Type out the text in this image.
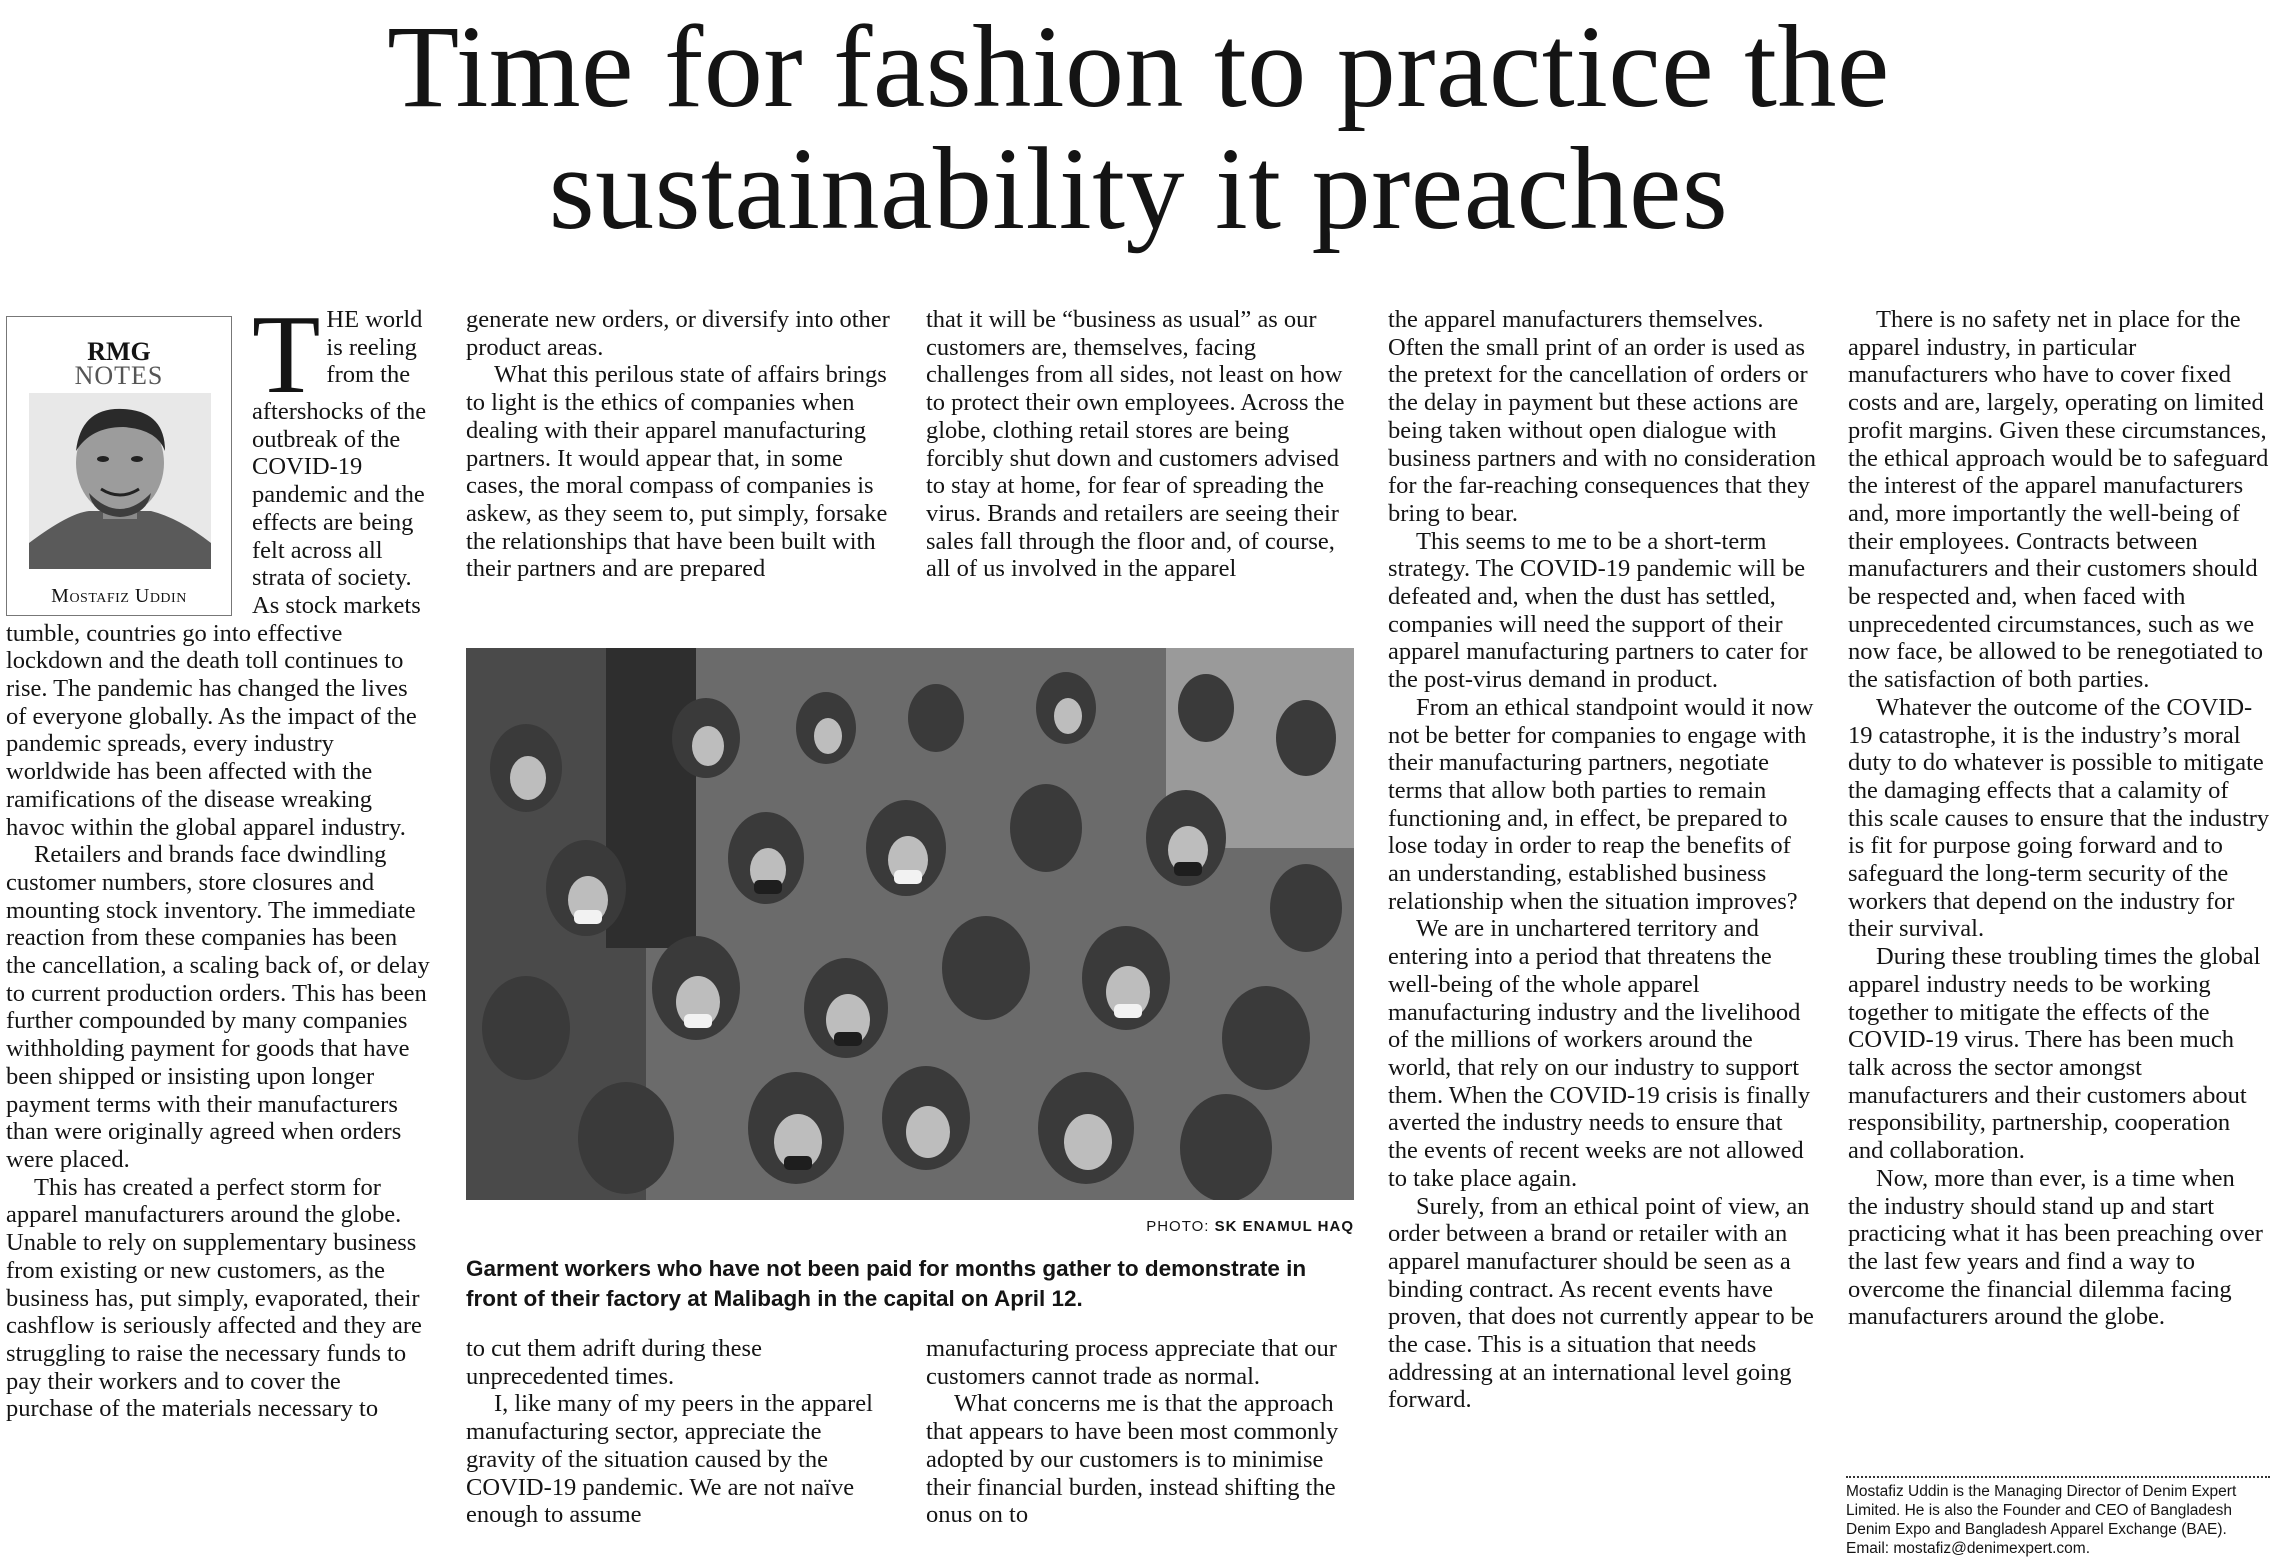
Time for fashion to practice the
sustainability it preaches
RMG
NOTES
Mostafiz Uddin

THE world is reeling from the aftershocks of the outbreak of the COVID-19 pandemic and the effects are being felt across all strata of society. As stock markets tumble, countries go into effective lockdown and the death toll continues to rise. The pandemic has changed the lives of everyone globally. As the impact of the pandemic spreads, every industry worldwide has been affected with the ramifications of the disease wreaking havoc within the global apparel industry.

Retailers and brands face dwindling customer numbers, store closures and mounting stock inventory. The immediate reaction from these companies has been the cancellation, a scaling back of, or delay to current production orders. This has been further compounded by many companies withholding payment for goods that have been shipped or insisting upon longer payment terms with their manufacturers than were originally agreed when orders were placed.

This has created a perfect storm for apparel manufacturers around the globe. Unable to rely on supplementary business from existing or new customers, as the business has, put simply, evaporated, their cashflow is seriously affected and they are struggling to raise the necessary funds to pay their workers and to cover the purchase of the materials necessary to

generate new orders, or diversify into other product areas.

What this perilous state of affairs brings to light is the ethics of companies when dealing with their apparel manufacturing partners. It would appear that, in some cases, the moral compass of companies is askew, as they seem to, put simply, forsake the relationships that have been built with their partners and are prepared

that it will be “business as usual” as our customers are, themselves, facing challenges from all sides, not least on how to protect their own employees. Across the globe, clothing retail stores are being forcibly shut down and customers advised to stay at home, for fear of spreading the virus. Brands and retailers are seeing their sales fall through the floor and, of course, all of us involved in the apparel

PHOTO: SK ENAMUL HAQ
Garment workers who have not been paid for months gather to demonstrate in front of their factory at Malibagh in the capital on April 12.

to cut them adrift during these unprecedented times.

I, like many of my peers in the apparel manufacturing sector, appreciate the gravity of the situation caused by the COVID-19 pandemic. We are not naïve enough to assume

manufacturing process appreciate that our customers cannot trade as normal.

What concerns me is that the approach that appears to have been most commonly adopted by our customers is to minimise their financial burden, instead shifting the onus on to

the apparel manufacturers themselves. Often the small print of an order is used as the pretext for the cancellation of orders or the delay in payment but these actions are being taken without open dialogue with business partners and with no consideration for the far-reaching consequences that they bring to bear.

This seems to me to be a short-term strategy. The COVID-19 pandemic will be defeated and, when the dust has settled, companies will need the support of their apparel manufacturing partners to cater for the post-virus demand in product.

From an ethical standpoint would it now not be better for companies to engage with their manufacturing partners, negotiate terms that allow both parties to remain functioning and, in effect, be prepared to lose today in order to reap the benefits of an understanding, established business relationship when the situation improves?

We are in unchartered territory and entering into a period that threatens the well-being of the whole apparel manufacturing industry and the livelihood of the millions of workers around the world, that rely on our industry to support them. When the COVID-19 crisis is finally averted the industry needs to ensure that the events of recent weeks are not allowed to take place again.

Surely, from an ethical point of view, an order between a brand or retailer with an apparel manufacturer should be seen as a binding contract. As recent events have proven, that does not currently appear to be the case. This is a situation that needs addressing at an international level going forward.

There is no safety net in place for the apparel industry, in particular manufacturers who have to cover fixed costs and are, largely, operating on limited profit margins. Given these circumstances, the ethical approach would be to safeguard the interest of the apparel manufacturers and, more importantly the well-being of their employees. Contracts between manufacturers and their customers should be respected and, when faced with unprecedented circumstances, such as we now face, be allowed to be renegotiated to the satisfaction of both parties.

Whatever the outcome of the COVID-19 catastrophe, it is the industry’s moral duty to do whatever is possible to mitigate the damaging effects that a calamity of this scale causes to ensure that the industry is fit for purpose going forward and to safeguard the long-term security of the workers that depend on the industry for their survival.

During these troubling times the global apparel industry needs to be working together to mitigate the effects of the COVID-19 virus. There has been much talk across the sector amongst manufacturers and their customers about responsibility, partnership, cooperation and collaboration.

Now, more than ever, is a time when the industry should stand up and start practicing what it has been preaching over the last few years and find a way to overcome the financial dilemma facing manufacturers around the globe.

Mostafiz Uddin is the Managing Director of Denim Expert Limited. He is also the Founder and CEO of Bangladesh Denim Expo and Bangladesh Apparel Exchange (BAE). Email: mostafiz@denimexpert.com.
